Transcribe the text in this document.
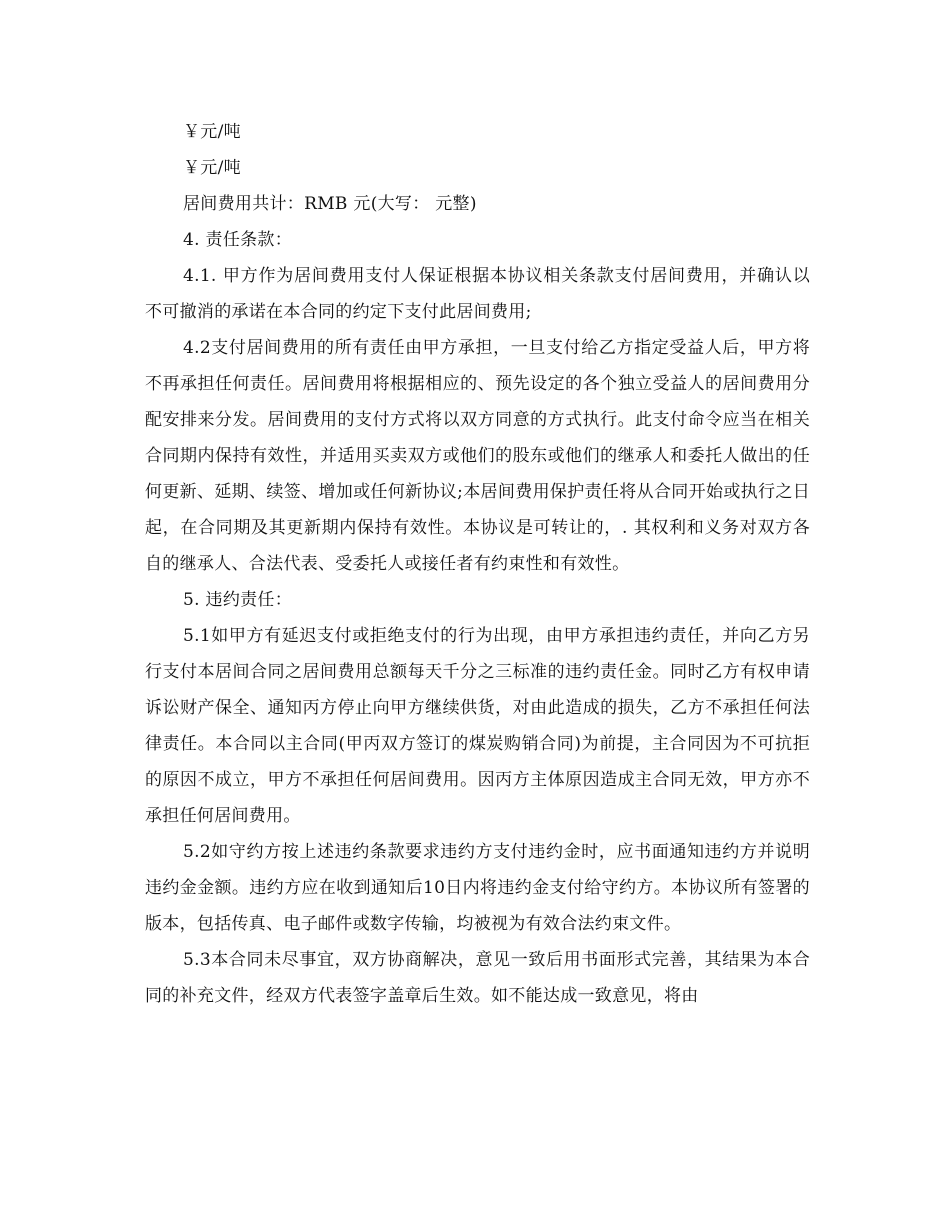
￥元/吨

￥元/吨

居间费用共计：RMB 元(大写： 元整)

4. 责任条款：

4.1. 甲方作为居间费用支付人保证根据本协议相关条款支付居间费用，并确认以不可撤消的承诺在本合同的约定下支付此居间费用;

4.2支付居间费用的所有责任由甲方承担，一旦支付给乙方指定受益人后，甲方将不再承担任何责任。居间费用将根据相应的、预先设定的各个独立受益人的居间费用分配安排来分发。居间费用的支付方式将以双方同意的方式执行。此支付命令应当在相关合同期内保持有效性，并适用买卖双方或他们的股东或他们的继承人和委托人做出的任何更新、延期、续签、增加或任何新协议;本居间费用保护责任将从合同开始或执行之日起，在合同期及其更新期内保持有效性。本协议是可转让的，. 其权利和义务对双方各自的继承人、合法代表、受委托人或接任者有约束性和有效性。

5. 违约责任：

5.1如甲方有延迟支付或拒绝支付的行为出现，由甲方承担违约责任，并向乙方另行支付本居间合同之居间费用总额每天千分之三标准的违约责任金。同时乙方有权申请诉讼财产保全、通知丙方停止向甲方继续供货，对由此造成的损失，乙方不承担任何法律责任。本合同以主合同(甲丙双方签订的煤炭购销合同)为前提，主合同因为不可抗拒的原因不成立，甲方不承担任何居间费用。因丙方主体原因造成主合同无效，甲方亦不承担任何居间费用。

5.2如守约方按上述违约条款要求违约方支付违约金时，应书面通知违约方并说明违约金金额。违约方应在收到通知后10日内将违约金支付给守约方。本协议所有签署的版本，包括传真、电子邮件或数字传输，均被视为有效合法约束文件。

5.3本合同未尽事宜，双方协商解决，意见一致后用书面形式完善，其结果为本合同的补充文件，经双方代表签字盖章后生效。如不能达成一致意见，将由
